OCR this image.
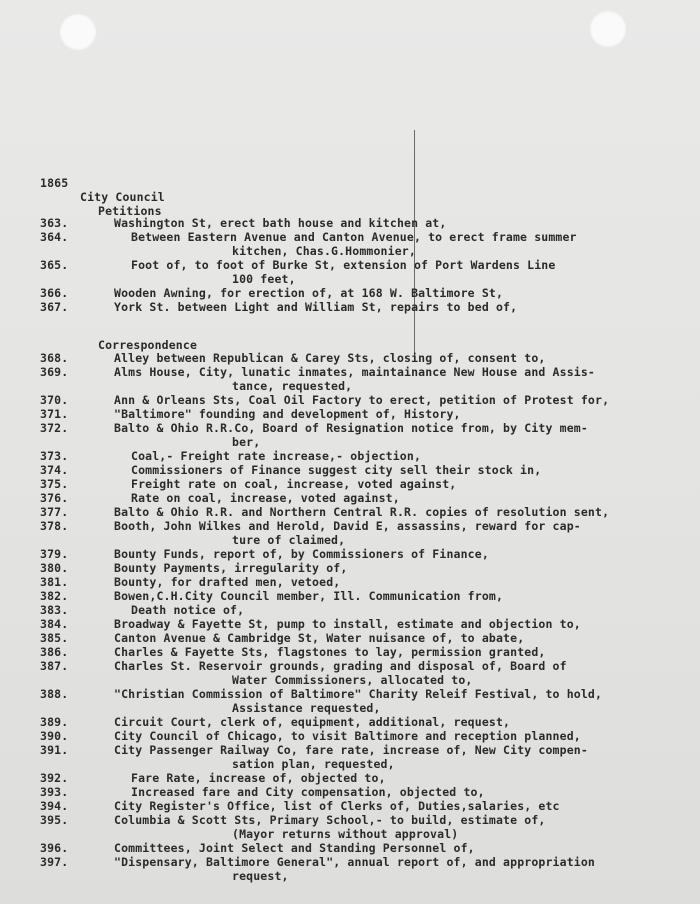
1865
City Council
Petitions
363.	Washington St, erect bath house and kitchen at,
364.	Between Eastern Avenue and Canton Avenue, to erect frame summer
kitchen, Chas.G.Hommonier,
365.	Foot of, to foot of Burke St, extension of Port Wardens Line
100 feet,
366.	Wooden Awning, for erection of, at 168 W. Baltimore St,
367.	York St. between Light and William St, repairs to bed of,
Correspondence
368.	Alley between Republican & Carey Sts, closing of, consent to,
369.	Alms House, City, lunatic inmates, maintainance New House and Assis-
tance, requested,
370.	Ann & Orleans Sts, Coal Oil Factory to erect, petition of Protest for,
371.	"Baltimore" founding and development of, History,
372.	Balto & Ohio R.R.Co, Board of Resignation notice from, by City mem-
ber,
373.	Coal,- Freight rate increase,- objection,
374.	Commissioners of Finance suggest city sell their stock in,
375.	Freight rate on coal, increase, voted against,
376.	Rate on coal, increase, voted against,
377.	Balto & Ohio R.R. and Northern Central R.R. copies of resolution sent,
378.	Booth, John Wilkes and Herold, David E, assassins, reward for cap-
ture of claimed,
379.	Bounty Funds, report of, by Commissioners of Finance,
380.	Bounty Payments, irregularity of,
381.	Bounty, for drafted men, vetoed,
382.	Bowen,C.H.City Council member, Ill. Communication from,
383.	Death notice of,
384.	Broadway & Fayette St, pump to install, estimate and objection to,
385.	Canton Avenue & Cambridge St, Water nuisance of, to abate,
386.	Charles & Fayette Sts, flagstones to lay, permission granted,
387.	Charles St. Reservoir grounds, grading and disposal of, Board of
Water Commissioners, allocated to,
388.	"Christian Commission of Baltimore" Charity Releif Festival, to hold,
Assistance requested,
389.	Circuit Court, clerk of, equipment, additional, request,
390.	City Council of Chicago, to visit Baltimore and reception planned,
391.	City Passenger Railway Co, fare rate, increase of, New City compen-
sation plan, requested,
392.	Fare Rate, increase of, objected to,
393.	Increased fare and City compensation, objected to,
394.	City Register's Office, list of Clerks of, Duties,salaries, etc
395.	Columbia & Scott Sts, Primary School,- to build, estimate of,
(Mayor returns without approval)
396.	Committees, Joint Select and Standing Personnel of,
397.	"Dispensary, Baltimore General", annual report of, and appropriation
request,
